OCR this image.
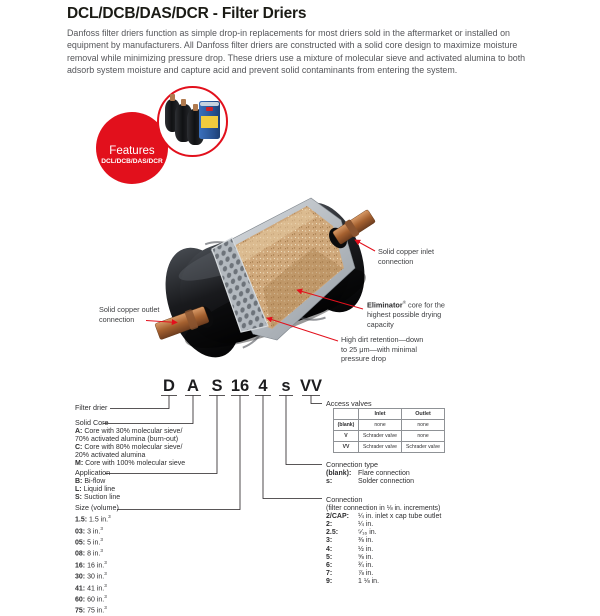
DCL/DCB/DAS/DCR - Filter Driers
Danfoss filter driers function as simple drop-in replacements for most driers sold in the aftermarket or installed on equipment by manufacturers. All Danfoss filter driers are constructed with a solid core design to maximize moisture removal while minimizing pressure drop. These driers use a mixture of molecular sieve and activated alumina to both adsorb system moisture and capture acid and prevent solid contaminants from entering the system.
Features
DCL/DCB/DAS/DCR
Solid copper outlet
connection
Solid copper inlet
connection
Eliminator® core for the
highest possible drying
capacity
High dirt retention—down
to 25 μm—with minimal
pressure drop
D A S 16 4 s VV
Filter drier
Solid Core
A: Core with 30% molecular sieve/
70% activated alumina (burn-out)
C: Core with 80% molecular sieve/
20% activated alumina
M: Core with 100% molecular sieve
Application
B: Bi-flow
L: Liquid line
S: Suction line
Size (volume)
1.5: 1.5 in.$^3$
03: 3 in.$^3$
05: 5 in.$^3$
08: 8 in.$^3$
16: 16 in.$^3$
30: 30 in.$^3$
41: 41 in.$^3$
60: 60 in.$^3$
75: 75 in.$^3$
Access valves
	Inlet	Outlet
(blank)	none	none
V	Schrader valve	none
VV	Schrader valve	Schrader valve
Connection type
(blank): Flare connection
s:	Solder connection
Connection
(filter connection in ⅛ in. increments)
2/CAP: ¼ in. inlet x cap tube outlet
2:	¼ in.
2.5:	⁵⁄₁₆ in.
3:	⅜ in.
4:	½ in.
5:	⅝ in.
6:	¾ in.
7:	⅞ in.
9:	1 ⅛ in.
